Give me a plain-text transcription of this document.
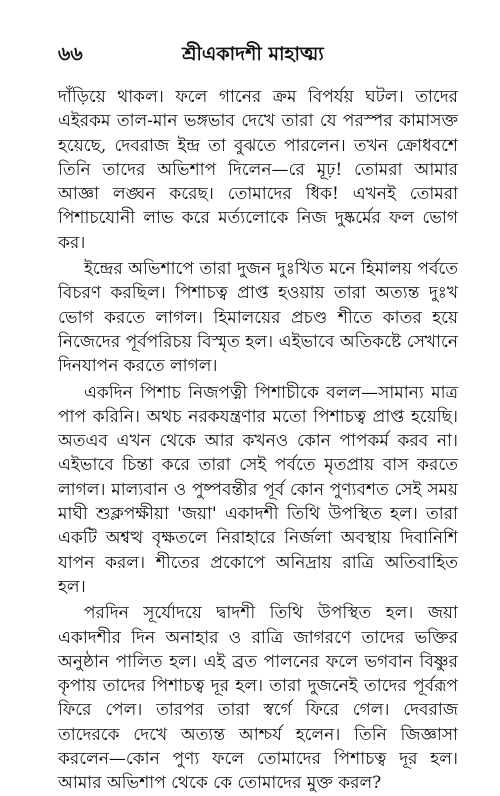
৬৬	শ্রীএকাদশী মাহাত্ম্য

দাঁড়িয়ে থাকল। ফলে গানের ক্রম বিপর্যয় ঘটল। তাদের এইরকম তাল-মান ভঙ্গভাব দেখে তারা যে পরস্পর কামাসক্ত হয়েছে, দেবরাজ ইন্দ্র তা বুঝতে পারলেন। তখন ক্রোধবশে তিনি তাদের অভিশাপ দিলেন—রে মূঢ়! তোমরা আমার আজ্ঞা লঙ্ঘন করেছ। তোমাদের ধিক! এখনই তোমরা পিশাচযোনী লাভ করে মর্ত্যলোকে নিজ দুষ্কর্মের ফল ভোগ কর।

ইন্দ্রের অভিশাপে তারা দুজন দুঃখিত মনে হিমালয় পর্বতে বিচরণ করছিল। পিশাচত্ব প্রাপ্ত হওয়ায় তারা অত্যন্ত দুঃখ ভোগ করতে লাগল। হিমালয়ের প্রচণ্ড শীতে কাতর হয়ে নিজেদের পূর্বপরিচয় বিস্মৃত হল। এইভাবে অতিকষ্টে সেখানে দিনযাপন করতে লাগল।

একদিন পিশাচ নিজপত্নী পিশাচীকে বলল—সামান্য মাত্র পাপ করিনি। অথচ নরকযন্ত্রণার মতো পিশাচত্ব প্রাপ্ত হয়েছি। অতএব এখন থেকে আর কখনও কোন পাপকর্ম করব না। এইভাবে চিন্তা করে তারা সেই পর্বতে মৃতপ্রায় বাস করতে লাগল। মাল্যবান ও পুষ্পবন্তীর পূর্ব কোন পুণ্যবশত সেই সময় মাঘী শুক্লপক্ষীয়া 'জয়া' একাদশী তিথি উপস্থিত হল। তারা একটি অশ্বত্থ বৃক্ষতলে নিরাহারে নির্জলা অবস্থায় দিবানিশি যাপন করল। শীতের প্রকোপে অনিদ্রায় রাত্রি অতিবাহিত হল।

পরদিন সূর্যোদয়ে দ্বাদশী তিথি উপস্থিত হল। জয়া একাদশীর দিন অনাহার ও রাত্রি জাগরণে তাদের ভক্তির অনুষ্ঠান পালিত হল। এই ব্রত পালনের ফলে ভগবান বিষ্ণুর কৃপায় তাদের পিশাচত্ব দূর হল। তারা দুজনেই তাদের পূর্বরূপ ফিরে পেল। তারপর তারা স্বর্গে ফিরে গেল। দেবরাজ তাদেরকে দেখে অত্যন্ত আশ্চর্য হলেন। তিনি জিজ্ঞাসা করলেন—কোন পুণ্য ফলে তোমাদের পিশাচত্ব দূর হল। আমার অভিশাপ থেকে কে তোমাদের মুক্ত করল?
